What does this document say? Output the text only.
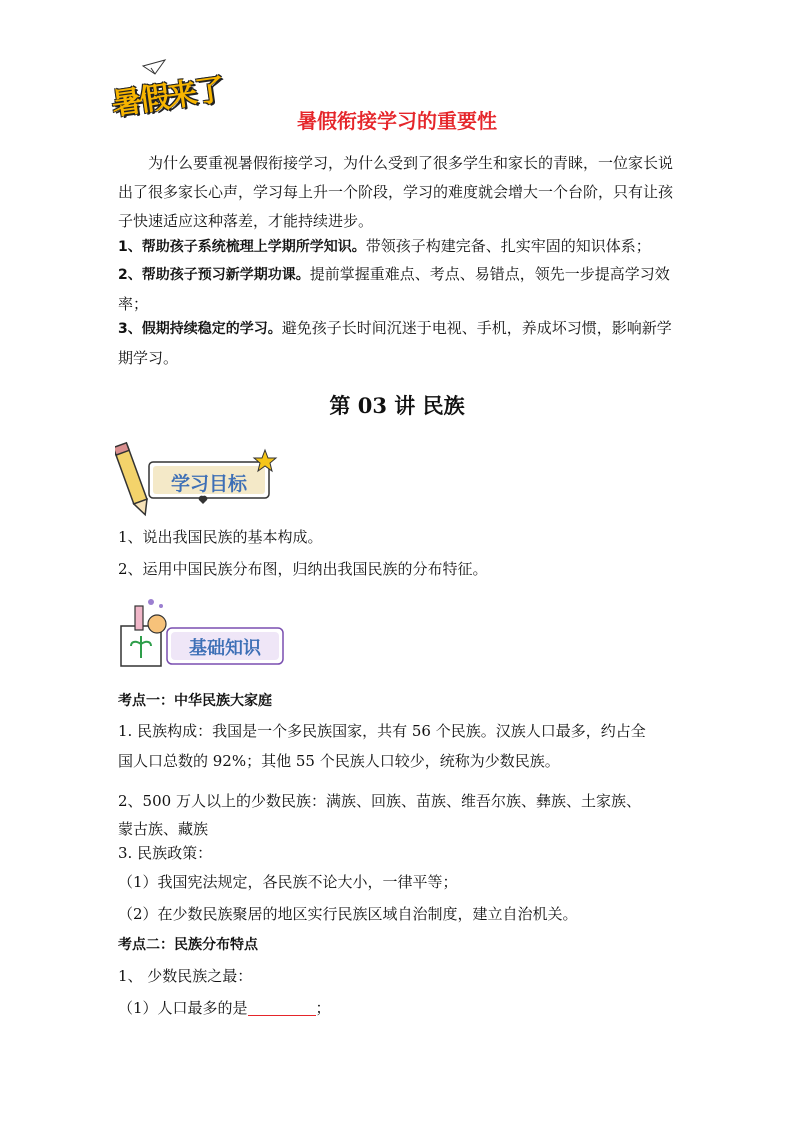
暑假来了	暑假衔接学习的重要性
为什么要重视暑假衔接学习，为什么受到了很多学生和家长的青睐，一位家长说出了很多家长心声，学习每上升一个阶段，学习的难度就会增大一个台阶，只有让孩子快速适应这种落差，才能持续进步。
1、帮助孩子系统梳理上学期所学知识。带领孩子构建完备、扎实牢固的知识体系；
2、帮助孩子预习新学期功课。提前掌握重难点、考点、易错点，领先一步提高学习效率；
3、假期持续稳定的学习。避免孩子长时间沉迷于电视、手机，养成坏习惯，影响新学期学习。
第 03 讲 民族
学习目标
1、说出我国民族的基本构成。
2、运用中国民族分布图，归纳出我国民族的分布特征。
基础知识
考点一：中华民族大家庭
1. 民族构成：我国是一个多民族国家，共有 56 个民族。汉族人口最多，约占全
国人口总数的 92%；其他 55 个民族人口较少，统称为少数民族。
2、500 万人以上的少数民族：满族、回族、苗族、维吾尔族、彝族、土家族、
蒙古族、藏族
3. 民族政策：
（1）我国宪法规定，各民族不论大小，一律平等；
（2）在少数民族聚居的地区实行民族区域自治制度，建立自治机关。
考点二：民族分布特点
1、 少数民族之最：
（1）人口最多的是	；
